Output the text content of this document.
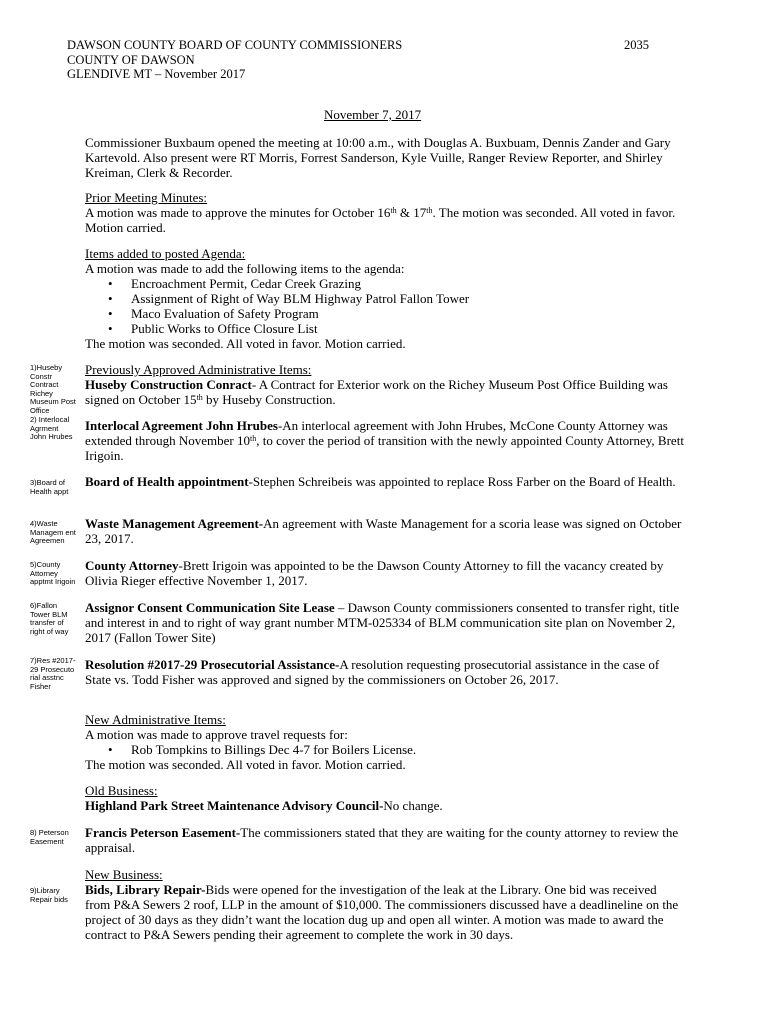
DAWSON COUNTY BOARD OF COUNTY COMMISSIONERS
COUNTY OF DAWSON
GLENDIVE MT – November 2017
2035
November 7, 2017
Commissioner Buxbaum opened the meeting at 10:00 a.m., with Douglas A. Buxbuam, Dennis Zander and Gary Kartevold. Also present were RT Morris, Forrest Sanderson, Kyle Vuille, Ranger Review Reporter, and Shirley Kreiman, Clerk & Recorder.
Prior Meeting Minutes:
A motion was made to approve the minutes for October 16th & 17th. The motion was seconded. All voted in favor. Motion carried.
Items added to posted Agenda:
A motion was made to add the following items to the agenda:
• Encroachment Permit, Cedar Creek Grazing
• Assignment of Right of Way BLM Highway Patrol Fallon Tower
• Maco Evaluation of Safety Program
• Public Works to Office Closure List
The motion was seconded. All voted in favor. Motion carried.
Previously Approved Administrative Items:
Huseby Construction Conract- A Contract for Exterior work on the Richey Museum Post Office Building was signed on October 15th by Huseby Construction.
Interlocal Agreement John Hrubes-An interlocal agreement with John Hrubes, McCone County Attorney was extended through November 10th, to cover the period of transition with the newly appointed County Attorney, Brett Irigoin.
Board of Health appointment-Stephen Schreibeis was appointed to replace Ross Farber on the Board of Health.
Waste Management Agreement-An agreement with Waste Management for a scoria lease was signed on October 23, 2017.
County Attorney-Brett Irigoin was appointed to be the Dawson County Attorney to fill the vacancy created by Olivia Rieger effective November 1, 2017.
Assignor Consent Communication Site Lease – Dawson County commissioners consented to transfer right, title and interest in and to right of way grant number MTM-025334 of BLM communication site plan on November 2, 2017 (Fallon Tower Site)
Resolution #2017-29 Prosecutorial Assistance-A resolution requesting prosecutorial assistance in the case of State vs. Todd Fisher was approved and signed by the commissioners on October 26, 2017.
New Administrative Items:
A motion was made to approve travel requests for:
• Rob Tompkins to Billings Dec 4-7 for Boilers License.
The motion was seconded. All voted in favor. Motion carried.
Old Business:
Highland Park Street Maintenance Advisory Council-No change.
Francis Peterson Easement-The commissioners stated that they are waiting for the county attorney to review the appraisal.
New Business:
Bids, Library Repair-Bids were opened for the investigation of the leak at the Library. One bid was received from P&A Sewers 2 roof, LLP in the amount of $10,000. The commissioners discussed have a deadlineline on the project of 30 days as they didn’t want the location dug up and open all winter. A motion was made to award the contract to P&A Sewers pending their agreement to complete the work in 30 days.
1)Huseby Constr Contract Richey Museum Post Office
2) Interlocal Agrment John Hrubes
3)Board of Health appt
4)Waste Managem ent Agreemen
5)County Attorney apptmt Irigoin
6)Fallon Tower BLM transfer of right of way
7)Res #2017-29 Prosecuto rial asstnc Fisher
8) Peterson Easement
9)Library Repair bids
